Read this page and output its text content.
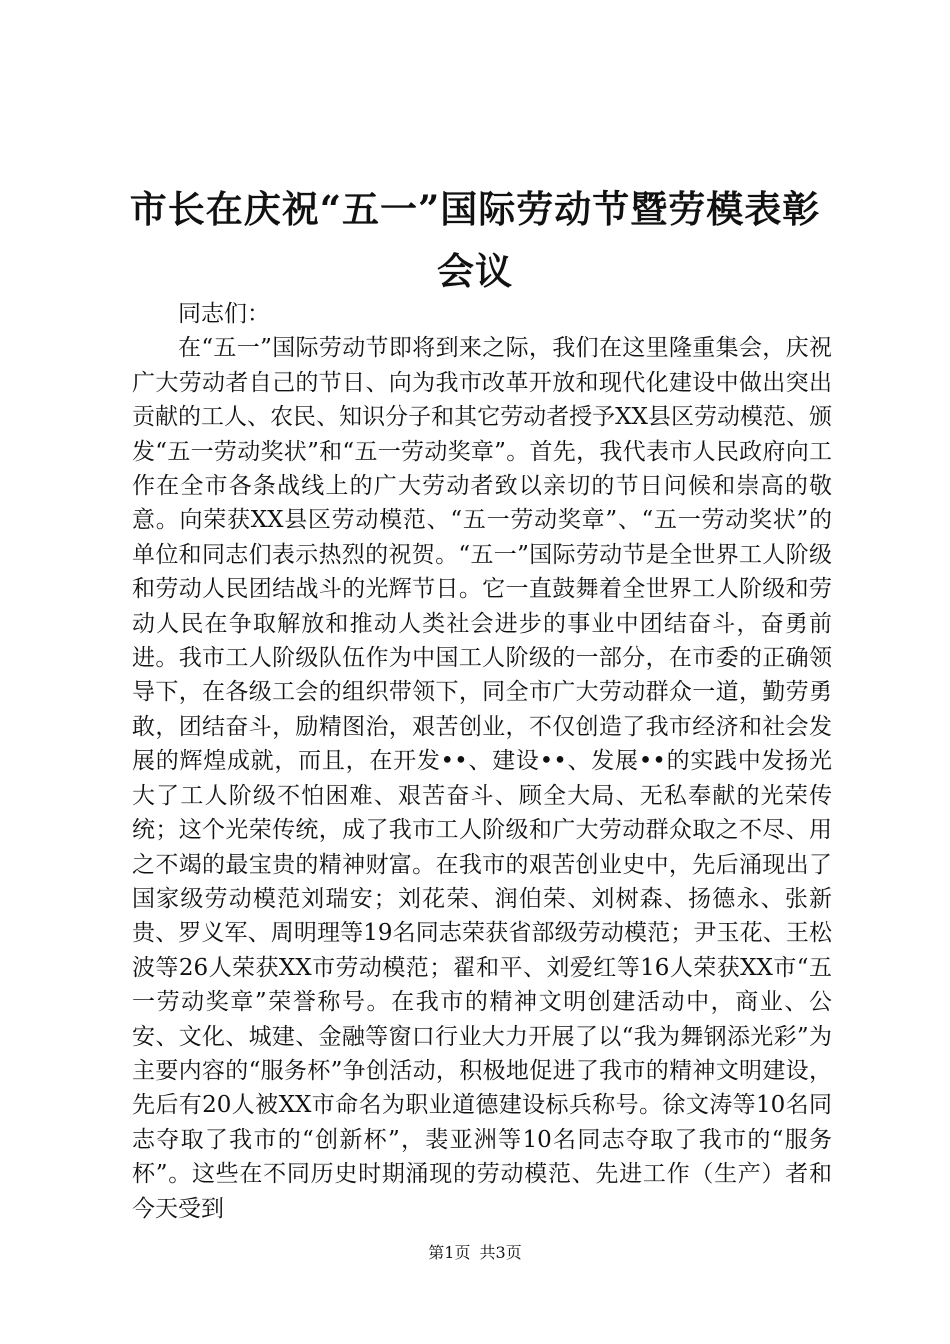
市长在庆祝“五一”国际劳动节暨劳模表彰会议

同志们：

在“五一”国际劳动节即将到来之际，我们在这里隆重集会，庆祝广大劳动者自己的节日、向为我市改革开放和现代化建设中做出突出贡献的工人、农民、知识分子和其它劳动者授予XX县区劳动模范、颁发“五一劳动奖状”和“五一劳动奖章”。首先，我代表市人民政府向工作在全市各条战线上的广大劳动者致以亲切的节日问候和崇高的敬意。向荣获XX县区劳动模范、“五一劳动奖章”、“五一劳动奖状”的单位和同志们表示热烈的祝贺。“五一”国际劳动节是全世界工人阶级和劳动人民团结战斗的光辉节日。它一直鼓舞着全世界工人阶级和劳动人民在争取解放和推动人类社会进步的事业中团结奋斗，奋勇前进。我市工人阶级队伍作为中国工人阶级的一部分，在市委的正确领导下，在各级工会的组织带领下，同全市广大劳动群众一道，勤劳勇敢，团结奋斗，励精图治，艰苦创业，不仅创造了我市经济和社会发展的辉煌成就，而且，在开发••、建设••、发展••的实践中发扬光大了工人阶级不怕困难、艰苦奋斗、顾全大局、无私奉献的光荣传统；这个光荣传统，成了我市工人阶级和广大劳动群众取之不尽、用之不竭的最宝贵的精神财富。在我市的艰苦创业史中，先后涌现出了国家级劳动模范刘瑞安；刘花荣、润伯荣、刘树森、扬德永、张新贵、罗义军、周明理等19名同志荣获省部级劳动模范；尹玉花、王松波等26人荣获XX市劳动模范；翟和平、刘爱红等16人荣获XX市“五一劳动奖章”荣誉称号。在我市的精神文明创建活动中，商业、公安、文化、城建、金融等窗口行业大力开展了以“我为舞钢添光彩”为主要内容的“服务杯”争创活动，积极地促进了我市的精神文明建设，先后有20人被XX市命名为职业道德建设标兵称号。徐文涛等10名同志夺取了我市的“创新杯”，裴亚洲等10名同志夺取了我市的“服务杯”。这些在不同历史时期涌现的劳动模范、先进工作（生产）者和今天受到

第1页 共3页
